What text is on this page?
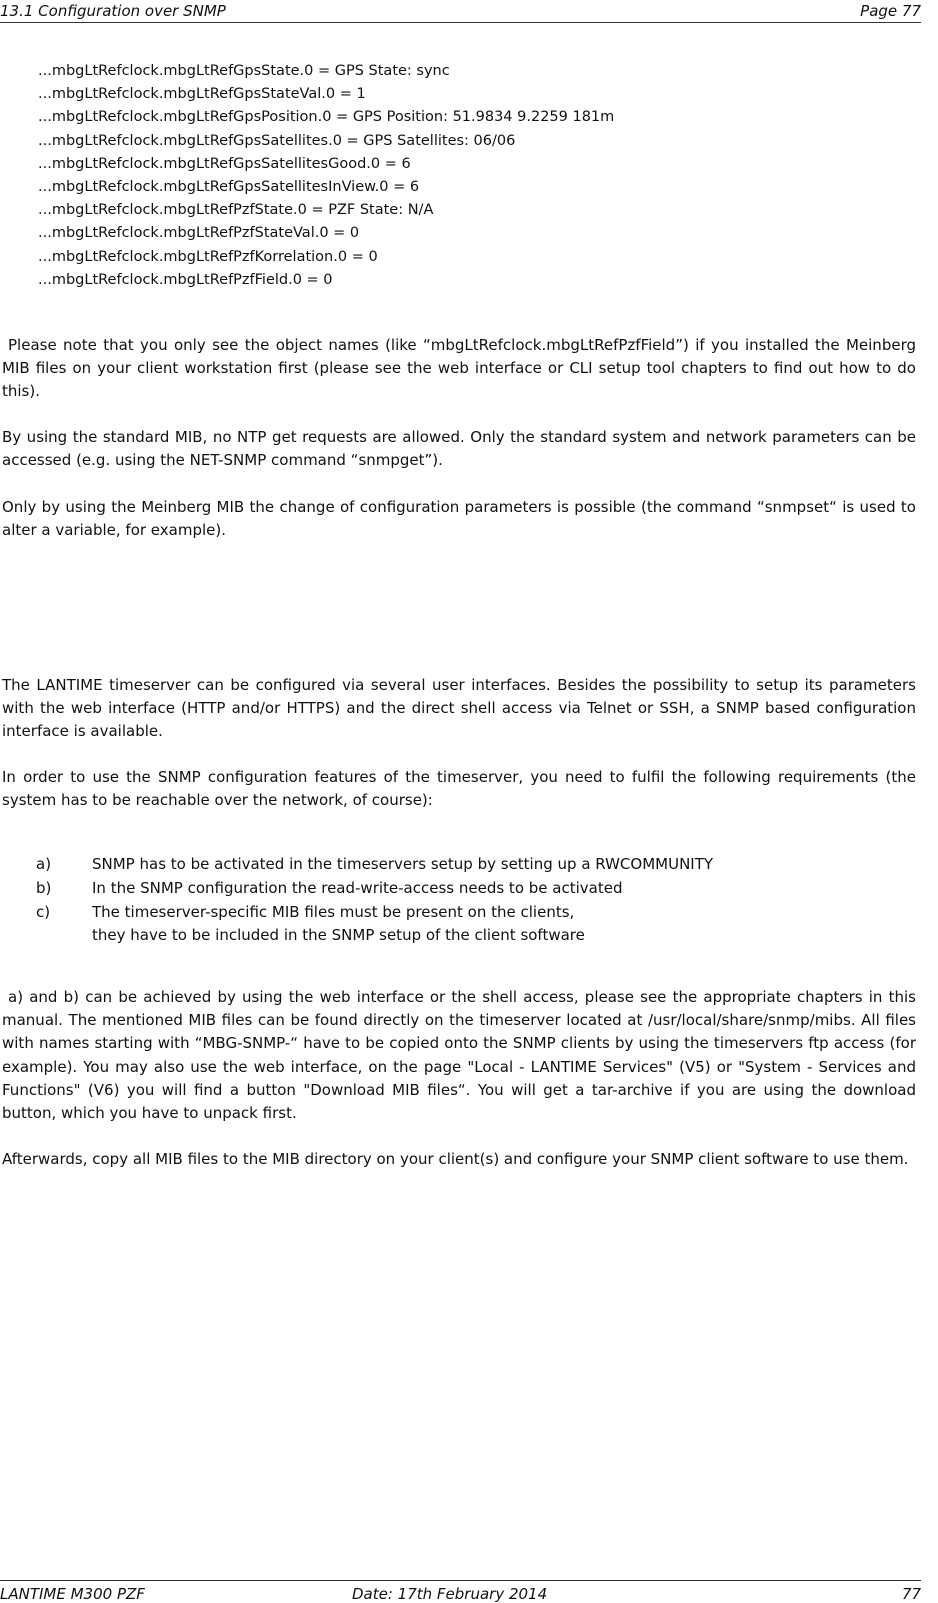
13.1 Configuration over SNMP	Page 77
...mbgLtRefclock.mbgLtRefGpsState.0 = GPS State: sync
...mbgLtRefclock.mbgLtRefGpsStateVal.0 = 1
...mbgLtRefclock.mbgLtRefGpsPosition.0 = GPS Position: 51.9834 9.2259 181m
...mbgLtRefclock.mbgLtRefGpsSatellites.0 = GPS Satellites: 06/06
...mbgLtRefclock.mbgLtRefGpsSatellitesGood.0 = 6
...mbgLtRefclock.mbgLtRefGpsSatellitesInView.0 = 6
...mbgLtRefclock.mbgLtRefPzfState.0 = PZF State: N/A
...mbgLtRefclock.mbgLtRefPzfStateVal.0 = 0
...mbgLtRefclock.mbgLtRefPzfKorrelation.0 = 0
...mbgLtRefclock.mbgLtRefPzfField.0 = 0

Please note that you only see the object names (like “mbgLtRefclock.mbgLtRefPzfField”) if you installed the Meinberg MIB files on your client workstation first (please see the web interface or CLI setup tool chapters to find out how to do this).

By using the standard MIB, no NTP get requests are allowed. Only the standard system and network parameters can be accessed (e.g. using the NET-SNMP command “snmpget”).

Only by using the Meinberg MIB the change of configuration parameters is possible (the command “snmpset“ is used to alter a variable, for example).

The LANTIME timeserver can be configured via several user interfaces. Besides the possibility to setup its parameters with the web interface (HTTP and/or HTTPS) and the direct shell access via Telnet or SSH, a SNMP based configuration interface is available.

In order to use the SNMP configuration features of the timeserver, you need to fulfil the following requirements (the system has to be reachable over the network, of course):

a)	SNMP has to be activated in the timeservers setup by setting up a RWCOMMUNITY
b)	In the SNMP configuration the read-write-access needs to be activated
c)	The timeserver-specific MIB files must be present on the clients,
they have to be included in the SNMP setup of the client software

a) and b) can be achieved by using the web interface or the shell access, please see the appropriate chapters in this manual. The mentioned MIB files can be found directly on the timeserver located at /usr/local/share/snmp/mibs. All files with names starting with “MBG-SNMP-“ have to be copied onto the SNMP clients by using the timeservers ftp access (for example). You may also use the web interface, on the page "Local - LANTIME Services" (V5) or "System - Services and Functions" (V6) you will find a button "Download MIB files“. You will get a tar-archive if you are using the download button, which you have to unpack first.

Afterwards, copy all MIB files to the MIB directory on your client(s) and configure your SNMP client software to use them.

LANTIME M300 PZF	Date: 17th February 2014	77
